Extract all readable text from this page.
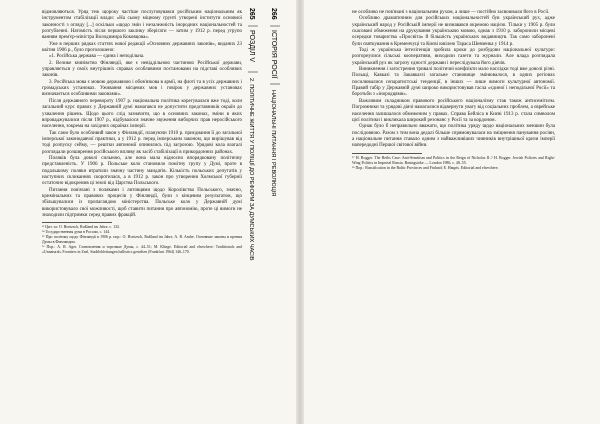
відмовляються. Уряд теж щороку частіше послуговувався російським національним як інструментом стабілізації влади: «На сьому міцному грунті утворені інститути основної законності з огляду [...] оскільки «щодо змін і незалежність інородних національностей та розгубленні. Натомість після першого заклику зберігати — затим у 1912 р. перед угрупо ванням прем'єр-міністра Володимира Коковцова».

Уже в перших рядках статтях нової редакції «Основних державних законів», виданих 23 квітня 1906 р., було проголошено:

«1. Російська держава — єдина і неподільна.

2. Велике князівство Фінляндії, яке є невіддільною частиною Російської держави, управляється у своїх внутрішніх справах особливими постановами на підставі особливих законів.

3. Російська мова є мовою державною і обов'язкова в армії, на флоті та в усіх державних і громадських установах. Уживання місцевих мов і говірок у державних установах визначається особливими законами».

Після державного перевороту 1907 р. національна політика корегувалася вже тоді, коли загальний курс правих у Державній думі намагався не допустити представників окраїн до ухвалення рішень. Щодо цього слід зазначити, що в основних законах, зміни в яких впроваджувалися після 1907 р., відбувалося значне звуження виборчих прав неросійського населення, зокрема на західних окраїнах імперії.

Так само було особливий закон у Фінляндії, плануючи 1910 р. приєднання її до загальної імперської законодавчої практики, а у 1912 р. перед імперським законом, що вирішував від тоді розпуску сейму, — рештки автономії опинились під загрозою. Урядові кола взагалі розглядали розширення російського впливу як засіб стабілізації в прикордонних районах.

Поляків була доволі сильною, але вона мала відносно впорядковану політичну представленість. У 1906 р. Польське коло становило помітну групу у Думі, проте в подальшому поляки втратили значну частину мандатів. Кількість польських депутатів у наступних скликаннях скоротилася, а в 1912 р. закон про утворення Холмської губернії остаточно відокремив ці землі від Царства Польського.

Питання пов'язані з поляками і литовцями щодо Королівства Польського, значно, кримінальних та правових процесів у Фінляндії, були з кінцевим результатом, що збільшувалися із пропагандою міністерства. Польське коло у Державній думі використовувало свої можливості, щоб ставити питання про автономію, проте ці вимоги не знаходили підтримки серед правих фракцій.

²³ Цит. за: O. Hoetzsch, Rußland im Jahre, с. 132.
²⁴ Государственная дума в России, с. 144.
²⁵ Про політику щодо Фінляндії в 1906 р. пор.: O. Hoetzsch, Rußland im Jahre, A. R. Andre. Основные законы и прения Думы в Финляндии.
²⁶ Пор.: A. R. Ager. Становлення и торговые Думы, с. 44–51; M. Klinge. Editorial and elsewhere: Traditionals and «Unnatural» Frontiers in Zeal, Stadtlekleitungen ballistics gestelten (Frankfurt 1964) 146–170.

не особливо не пов'язані з національним рухом, а лише — постійно засвоювали його в Росії.

Особливо драматичним для російських національностей був український рух, адже український народ у Російській імперії не визнавався окремою нацією. Тільки у 1905 р. були скасовані обмеження на друкування українською мовою, однак з 1910 р. заборонили місцеві осередки товариства «Просвіта» й більшість українських видавництв. Так само заборонені були святкування в Кременчуці та Києві ювілею Тараса Шевченка у 1914 р.

Тоді ж українська інтелігенція зробила кроки до розбудови національної культури: розгорнулися сільські кооперативи, виходили газети та журнали. Але влада розглядала український рух як загрозу єдності держави і переслідувала його діячів.

Виникнення і загострення тривалі політичні конфлікти мало наслідки тоді вже доволі різні. Польщі, Кавказі та Закавказзі загальне становище змінювалося, в одних регіонах посилювалися сепаратистські тенденції, в інших — лише вимоги культурної автономії. Правий табір у Державній думі широко використовував гасла «єдиної і неподільної Росії» та боротьби з «інородцями».

Важливим складником правового російського націоналізму став також антисемітизм. Погромники та урядові діячі намагалися відвернути увагу від соціальних проблем, а єврейське населення залишалося обмеженим у правах. Справа Бейліса в Києві 1913 р. стала символом цієї політики і викликала широкий резонанс у Росії та за кордоном.

Однак було б неправильно вважати, що політика уряду щодо національних меншин була послідовною. Разом з тим вона дедалі більше спрямовувалася на зміцнення панування росіян, а національне питання ставало одним з найважливіших чинників внутрішньої кризи імперії напередодні Першої світової війни.

²⁷ H. Rogger. The Beilis Case: Anti-Semitism and Politics in the Reign of Nicholas II // H. Rogger. Jewish Policies and Right-Wing Politics in Imperial Russia. Basingstoke — London 1986, с. 40–55.
²⁸ Пор.: Russification in the Baltic Provinces and Finland; E. Haupts. Editorial and elsewhere.
265
РОЗДІЛ V
2. ПОЛІТИЧНЕ ЖИТТЯ У ПОЛІЦІЇ ДО РЕФОРМ ЗА ДУМСЬКИХ ЧАСІВ
266
ІСТОРІЯ РОСІЇ
НАЦІОНАЛЬНІ ПИТАННЯ І РЕВОЛЮЦІЯ
